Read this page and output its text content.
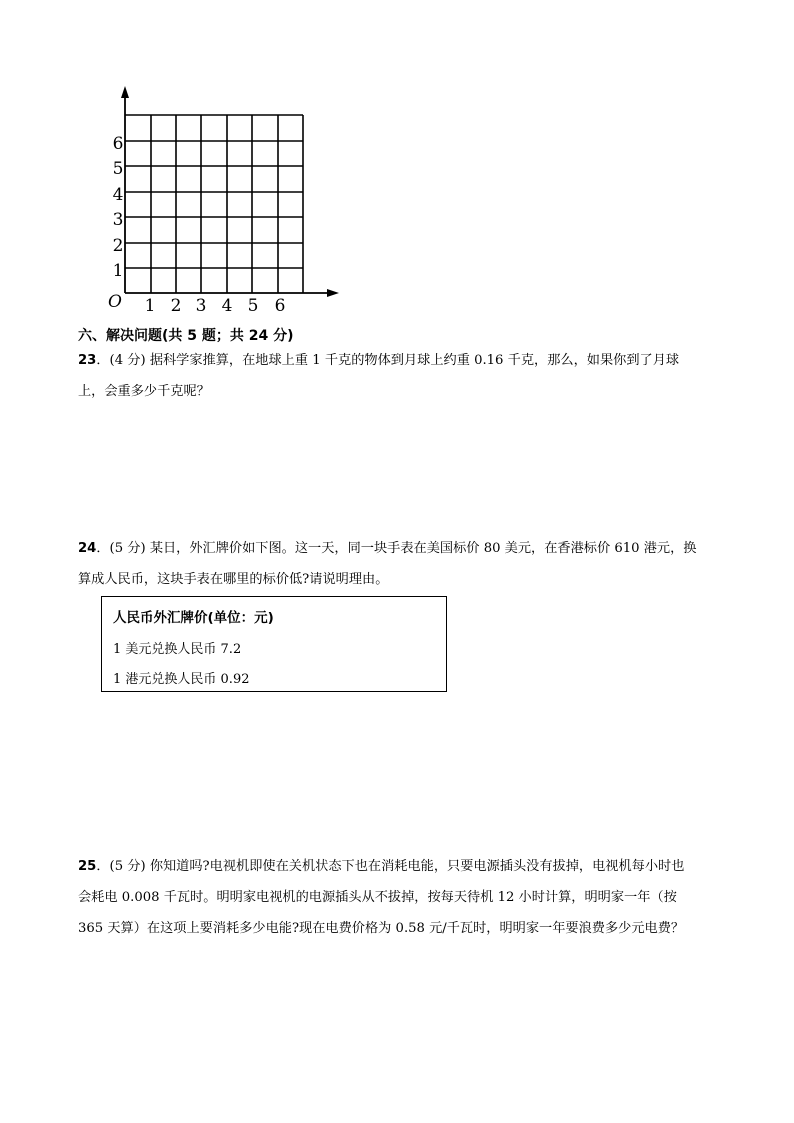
O 1 2 3 4 5 6
1
2
3
4
5
6
六、解决问题(共 5 题；共 24 分)
23．(4 分) 据科学家推算，在地球上重 1 千克的物体到月球上约重 0.16 千克，那么，如果你到了月球
上，会重多少千克呢？
24．(5 分) 某日，外汇牌价如下图。这一天，同一块手表在美国标价 80 美元，在香港标价 610 港元，换
算成人民币，这块手表在哪里的标价低?请说明理由。
人民币外汇牌价(单位：元)
1 美元兑换人民币 7.2
1 港元兑换人民币 0.92
25．(5 分) 你知道吗?电视机即使在关机状态下也在消耗电能，只要电源插头没有拔掉，电视机每小时也
会耗电 0.008 千瓦时。明明家电视机的电源插头从不拔掉，按每天待机 12 小时计算，明明家一年（按
365 天算）在这项上要消耗多少电能?现在电费价格为 0.58 元/千瓦时，明明家一年要浪费多少元电费？
